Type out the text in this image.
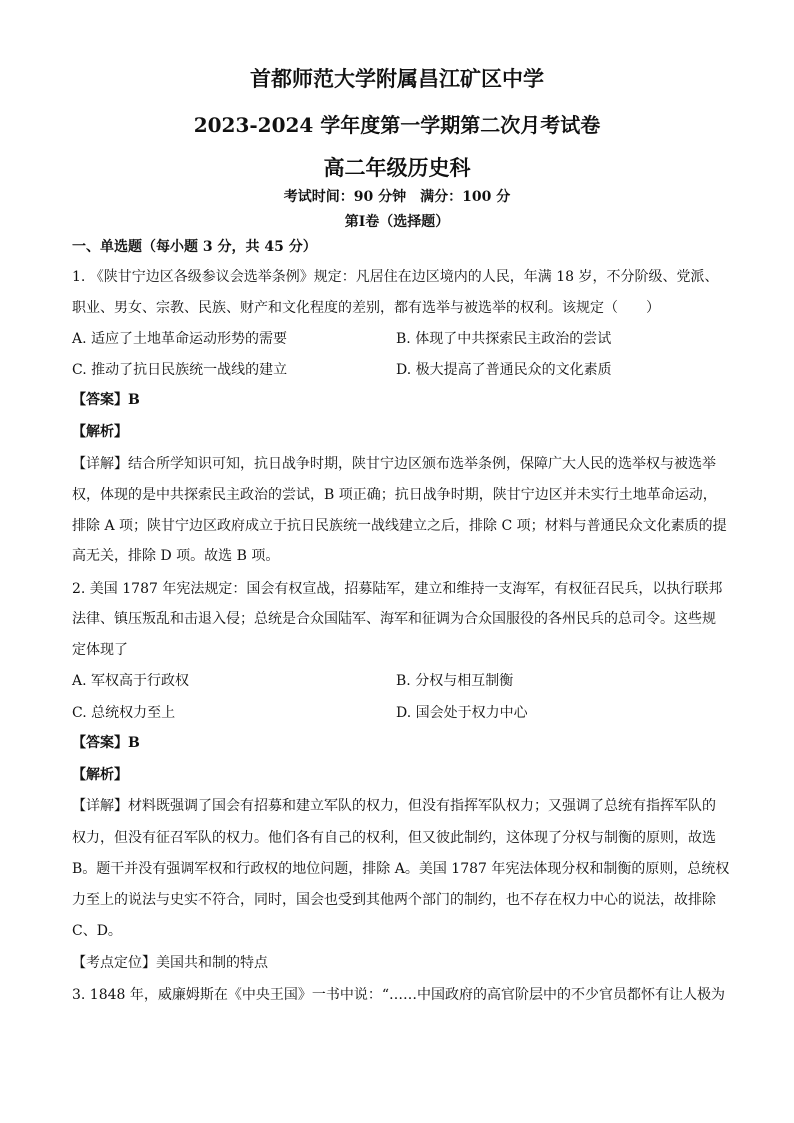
首都师范大学附属昌江矿区中学
2023-2024 学年度第一学期第二次月考试卷
高二年级历史科
考试时间：90 分钟　满分：100 分
第Ⅰ卷（选择题）
一、单选题（每小题 3 分，共 45 分）
1. 《陕甘宁边区各级参议会选举条例》规定：凡居住在边区境内的人民，年满 18 岁，不分阶级、党派、
职业、男女、宗教、民族、财产和文化程度的差别，都有选举与被选举的权利。该规定（　　）
A. 适应了土地革命运动形势的需要	B. 体现了中共探索民主政治的尝试
C. 推动了抗日民族统一战线的建立	D. 极大提高了普通民众的文化素质
【答案】B
【解析】
【详解】结合所学知识可知，抗日战争时期，陕甘宁边区颁布选举条例，保障广大人民的选举权与被选举
权，体现的是中共探索民主政治的尝试，B 项正确；抗日战争时期，陕甘宁边区并未实行土地革命运动，
排除 A 项；陕甘宁边区政府成立于抗日民族统一战线建立之后，排除 C 项；材料与普通民众文化素质的提
高无关，排除 D 项。故选 B 项。
2. 美国 1787 年宪法规定：国会有权宣战，招募陆军，建立和维持一支海军，有权征召民兵，以执行联邦
法律、镇压叛乱和击退入侵；总统是合众国陆军、海军和征调为合众国服役的各州民兵的总司令。这些规
定体现了
A. 军权高于行政权	B. 分权与相互制衡
C. 总统权力至上	D. 国会处于权力中心
【答案】B
【解析】
【详解】材料既强调了国会有招募和建立军队的权力，但没有指挥军队权力；又强调了总统有指挥军队的
权力，但没有征召军队的权力。他们各有自己的权利，但又彼此制约，这体现了分权与制衡的原则，故选
B。题干并没有强调军权和行政权的地位问题，排除 A。美国 1787 年宪法体现分权和制衡的原则，总统权
力至上的说法与史实不符合，同时，国会也受到其他两个部门的制约，也不存在权力中心的说法，故排除
C、D。
【考点定位】美国共和制的特点
3. 1848 年，威廉姆斯在《中央王国》一书中说：“……中国政府的高官阶层中的不少官员都怀有让人极为
